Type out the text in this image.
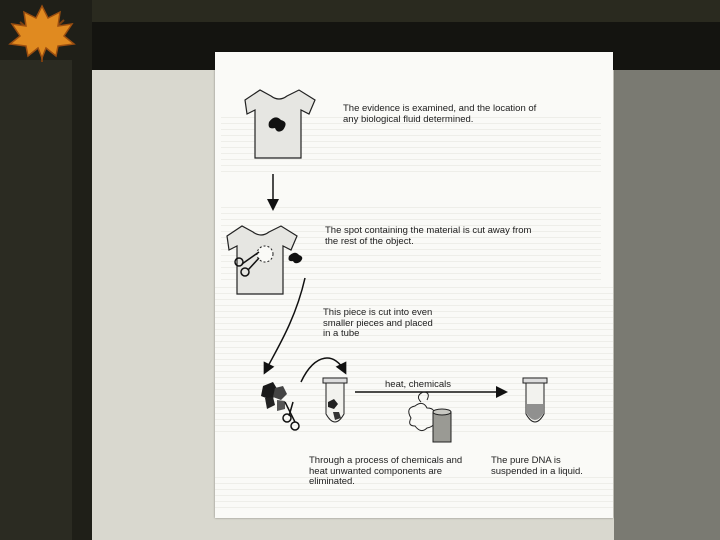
The evidence is examined, and the location of any biological fluid determined.
The spot containing the material is cut away from the rest of the object.
This piece is cut into even smaller pieces and placed in a tube
heat, chemicals
Through a process of chemicals and heat unwanted components are eliminated.
The pure DNA is suspended in a liquid.
